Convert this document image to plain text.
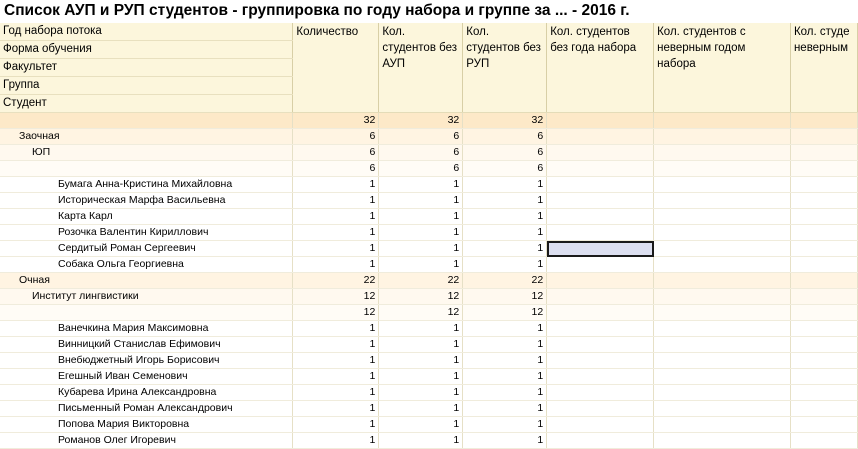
Список АУП и РУП студентов - группировка по году набора и группе за ... - 2016 г.
Год набора потока	Количество	Кол. студентов без АУП	Кол. студентов без РУП	Кол. студентов без года набора	Кол. студентов с неверным годом набора	Кол. студе неверным
Форма обучения						
Факультет						
Группа						
Студент						
	32	32	32			
Заочная	6	6	6			
ЮП	6	6	6			
	6	6	6			
Бумага Анна-Кристина Михайловна	1	1	1			
Историческая Марфа Васильевна	1	1	1			
Карта Карл	1	1	1			
Розочка Валентин Кириллович	1	1	1			
Сердитый Роман Сергеевич	1	1	1			
Собака Ольга Георгиевна	1	1	1			
Очная	22	22	22			
Институт лингвистики	12	12	12			
	12	12	12			
Ванечкина Мария Максимовна	1	1	1			
Винницкий Станислав Ефимович	1	1	1			
Внебюджетный Игорь Борисович	1	1	1			
Егешный Иван Семенович	1	1	1			
Кубарева Ирина Александровна	1	1	1			
Письменный Роман Александрович	1	1	1			
Попова Мария Викторовна	1	1	1			
Романов Олег Игоревич	1	1	1			
